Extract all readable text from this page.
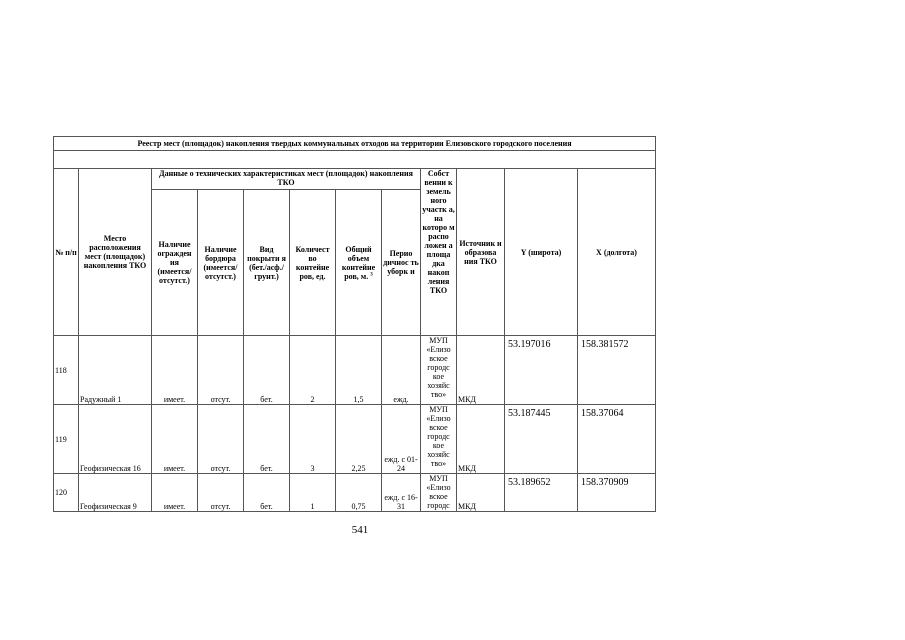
Реестр мест (площадок) накопления твердых коммунальных отходов на территории Елизовского городского поселения											

№ п/п	Место расположения мест (площадок) накопления ТКО	Данные о технических характеристиках мест (площадок) накопления ТКО						Собст венни к земель ного участк а, на которо м распо ложен а площа дка накоп ления ТКО	Источник и образова ния ТКО	Y (широта)	X (долгота)
		Наличие огражден ия (имеется/ отсутст.)	Наличие бордюра (имеется/ отсутст.)	Вид покрыти я (бет./асф./ грунт.)	Количест во контейне ров, ед.	Общий объем контейне ров, м. $^3$	Перио дичнос ть уборк и				
118	Радужный 1	имеет.	отсут.	бет.	2	1,5	ежд.	МУП «Елизо вское городс кое хозяйс тво»	МКД	53.197016	158.381572
119	Геофизическая 16	имеет.	отсут.	бет.	3	2,25	ежд. с 01-24	МУП «Елизо вское городс кое хозяйс тво»	МКД	53.187445	158.37064
120	Геофизическая 9	имеет.	отсут.	бет.	1	0,75	ежд. с 16-31	МУП «Елизо вское городс	МКД	53.189652	158.370909
541
